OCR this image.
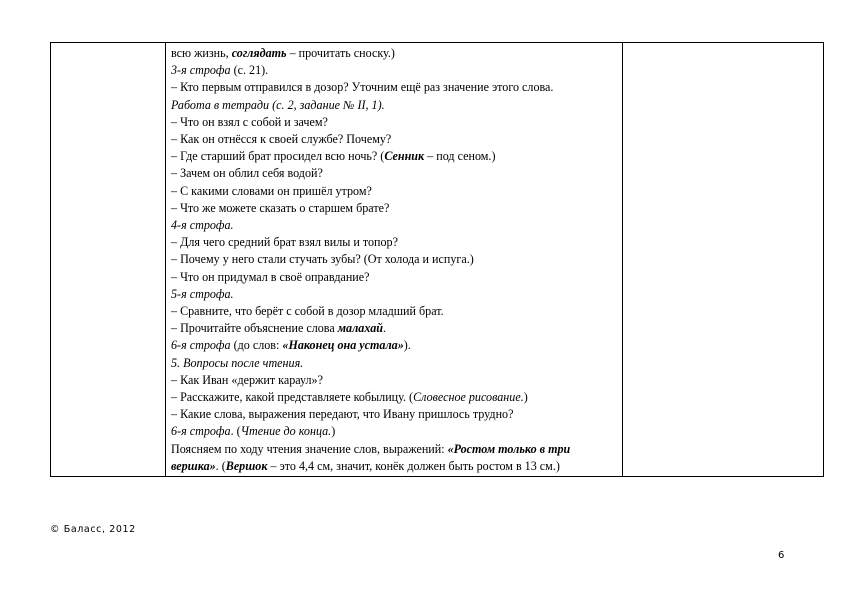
всю жизнь, соглядать – прочитать сноску.)
3-я строфа (с. 21).
– Кто первым отправился в дозор? Уточним ещё раз значение этого слова.
Работа в тетради (с. 2, задание № II, 1).
– Что он взял с собой и зачем?
– Как он отнёсся к своей службе? Почему?
– Где старший брат просидел всю ночь? (Сенник – под сеном.)
– Зачем он облил себя водой?
– С какими словами он пришёл утром?
– Что же можете сказать о старшем брате?
4-я строфа.
– Для чего средний брат взял вилы и топор?
– Почему у него стали стучать зубы? (От холода и испуга.)
– Что он придумал в своё оправдание?
5-я строфа.
– Сравните, что берёт с собой в дозор младший брат.
– Прочитайте объяснение слова малахай.
6-я строфа (до слов: «Наконец она устала»).
5. Вопросы после чтения.
– Как Иван «держит караул»?
– Расскажите, какой представляете кобылицу. (Словесное рисование.)
– Какие слова, выражения передают, что Ивану пришлось трудно?
6-я строфа. (Чтение до конца.)
Поясняем по ходу чтения значение слов, выражений: «Ростом только в три вершка». (Вершок – это 4,4 см, значит, конёк должен быть ростом в 13 см.)

© Баласс, 2012
6
